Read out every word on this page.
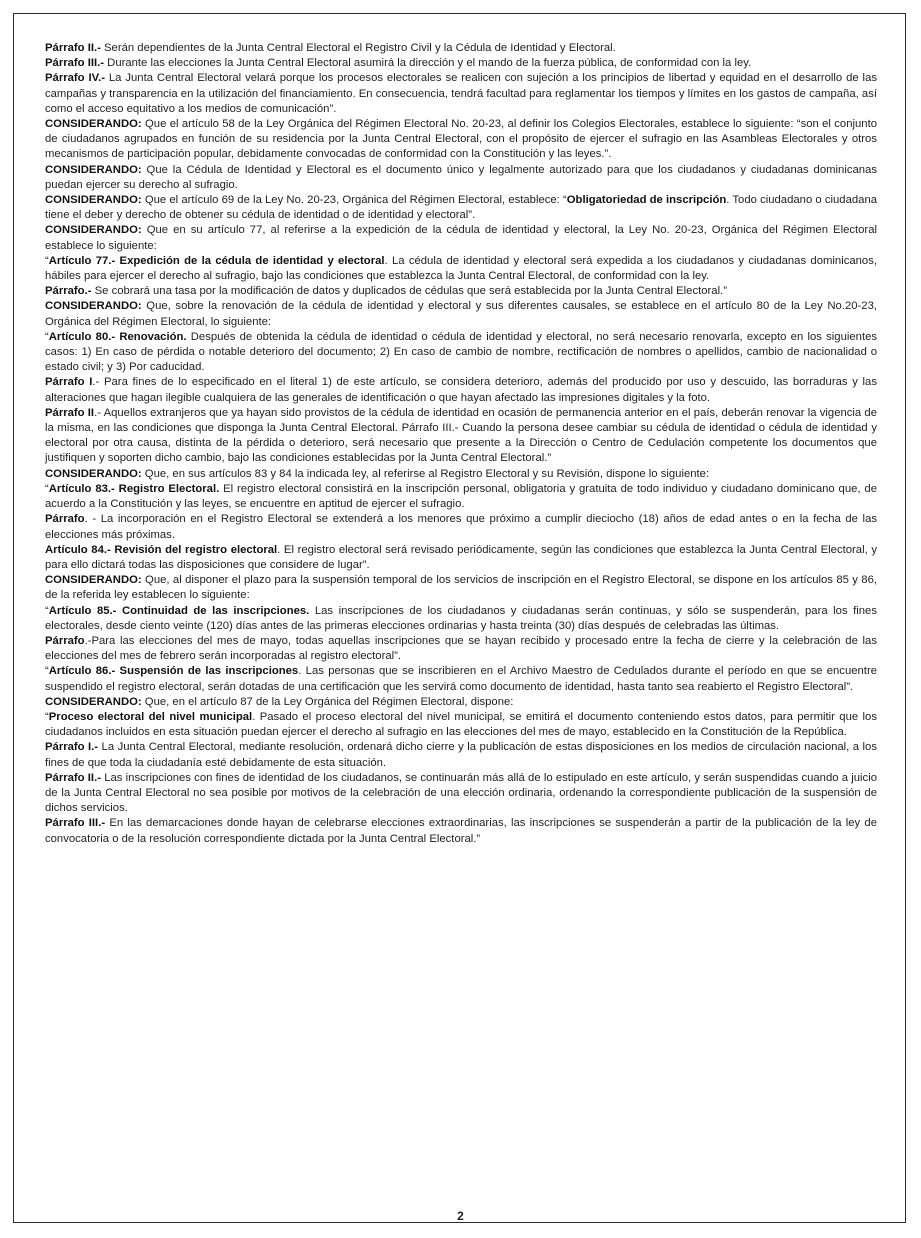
Párrafo II.- Serán dependientes de la Junta Central Electoral el Registro Civil y la Cédula de Identidad y Electoral.

Párrafo III.- Durante las elecciones la Junta Central Electoral asumirá la dirección y el mando de la fuerza pública, de conformidad con la ley.

Párrafo IV.- La Junta Central Electoral velará porque los procesos electorales se realicen con sujeción a los principios de libertad y equidad en el desarrollo de las campañas y transparencia en la utilización del financiamiento. En consecuencia, tendrá facultad para reglamentar los tiempos y límites en los gastos de campaña, así como el acceso equitativo a los medios de comunicación”.

CONSIDERANDO: Que el artículo 58 de la Ley Orgánica del Régimen Electoral No. 20-23, al definir los Colegios Electorales, establece lo siguiente: “son el conjunto de ciudadanos agrupados en función de su residencia por la Junta Central Electoral, con el propósito de ejercer el sufragio en las Asambleas Electorales y otros mecanismos de participación popular, debidamente convocadas de conformidad con la Constitución y las leyes.”.

CONSIDERANDO: Que la Cédula de Identidad y Electoral es el documento único y legalmente autorizado para que los ciudadanos y ciudadanas dominicanas puedan ejercer su derecho al sufragio.

CONSIDERANDO: Que el artículo 69 de la Ley No. 20-23, Orgánica del Régimen Electoral, establece: “Obligatoriedad de inscripción. Todo ciudadano o ciudadana tiene el deber y derecho de obtener su cédula de identidad o de identidad y electoral”.

CONSIDERANDO: Que en su artículo 77, al referirse a la expedición de la cédula de identidad y electoral, la Ley No. 20-23, Orgánica del Régimen Electoral establece lo siguiente:

“Artículo 77.- Expedición de la cédula de identidad y electoral. La cédula de identidad y electoral será expedida a los ciudadanos y ciudadanas dominicanos, hábiles para ejercer el derecho al sufragio, bajo las condiciones que establezca la Junta Central Electoral, de conformidad con la ley.

Párrafo.- Se cobrará una tasa por la modificación de datos y duplicados de cédulas que será establecida por la Junta Central Electoral.”

CONSIDERANDO: Que, sobre la renovación de la cédula de identidad y electoral y sus diferentes causales, se establece en el artículo 80 de la Ley No.20-23, Orgánica del Régimen Electoral, lo siguiente:

“Artículo 80.- Renovación. Después de obtenida la cédula de identidad o cédula de identidad y electoral, no será necesario renovarla, excepto en los siguientes casos: 1) En caso de pérdida o notable deterioro del documento; 2) En caso de cambio de nombre, rectificación de nombres o apellidos, cambio de nacionalidad o estado civil; y 3) Por caducidad.

Párrafo I.- Para fines de lo especificado en el literal 1) de este artículo, se considera deterioro, además del producido por uso y descuido, las borraduras y las alteraciones que hagan ilegible cualquiera de las generales de identificación o que hayan afectado las impresiones digitales y la foto.

Párrafo II.- Aquellos extranjeros que ya hayan sido provistos de la cédula de identidad en ocasión de permanencia anterior en el país, deberán renovar la vigencia de la misma, en las condiciones que disponga la Junta Central Electoral. Párrafo III.- Cuando la persona desee cambiar su cédula de identidad o cédula de identidad y electoral por otra causa, distinta de la pérdida o deterioro, será necesario que presente a la Dirección o Centro de Cedulación competente los documentos que justifiquen y soporten dicho cambio, bajo las condiciones establecidas por la Junta Central Electoral.”

CONSIDERANDO: Que, en sus artículos 83 y 84 la indicada ley, al referirse al Registro Electoral y su Revisión, dispone lo siguiente:

“Artículo 83.- Registro Electoral. El registro electoral consistirá en la inscripción personal, obligatoria y gratuita de todo individuo y ciudadano dominicano que, de acuerdo a la Constitución y las leyes, se encuentre en aptitud de ejercer el sufragio.

Párrafo. - La incorporación en el Registro Electoral se extenderá a los menores que próximo a cumplir dieciocho (18) años de edad antes o en la fecha de las elecciones más próximas.

Artículo 84.- Revisión del registro electoral. El registro electoral será revisado periódicamente, según las condiciones que establezca la Junta Central Electoral, y para ello dictará todas las disposiciones que considere de lugar”.

CONSIDERANDO: Que, al disponer el plazo para la suspensión temporal de los servicios de inscripción en el Registro Electoral, se dispone en los artículos 85 y 86, de la referida ley establecen lo siguiente:

“Artículo 85.- Continuidad de las inscripciones. Las inscripciones de los ciudadanos y ciudadanas serán continuas, y sólo se suspenderán, para los fines electorales, desde ciento veinte (120) días antes de las primeras elecciones ordinarias y hasta treinta (30) días después de celebradas las últimas.

Párrafo.-Para las elecciones del mes de mayo, todas aquellas inscripciones que se hayan recibido y procesado entre la fecha de cierre y la celebración de las elecciones del mes de febrero serán incorporadas al registro electoral”.

“Artículo 86.- Suspensión de las inscripciones. Las personas que se inscribieren en el Archivo Maestro de Cedulados durante el período en que se encuentre suspendido el registro electoral, serán dotadas de una certificación que les servirá como documento de identidad, hasta tanto sea reabierto el Registro Electoral”.

CONSIDERANDO: Que, en el artículo 87 de la Ley Orgánica del Régimen Electoral, dispone:

“Proceso electoral del nivel municipal. Pasado el proceso electoral del nivel municipal, se emitirá el documento conteniendo estos datos, para permitir que los ciudadanos incluidos en esta situación puedan ejercer el derecho al sufragio en las elecciones del mes de mayo, establecido en la Constitución de la República.

Párrafo I.- La Junta Central Electoral, mediante resolución, ordenará dicho cierre y la publicación de estas disposiciones en los medios de circulación nacional, a los fines de que toda la ciudadanía esté debidamente de esta situación.

Párrafo II.- Las inscripciones con fines de identidad de los ciudadanos, se continuarán más allá de lo estipulado en este artículo, y serán suspendidas cuando a juicio de la Junta Central Electoral no sea posible por motivos de la celebración de una elección ordinaria, ordenando la correspondiente publicación de la suspensión de dichos servicios.

Párrafo III.- En las demarcaciones donde hayan de celebrarse elecciones extraordinarias, las inscripciones se suspenderán a partir de la publicación de la ley de convocatoria o de la resolución correspondiente dictada por la Junta Central Electoral.”

2
